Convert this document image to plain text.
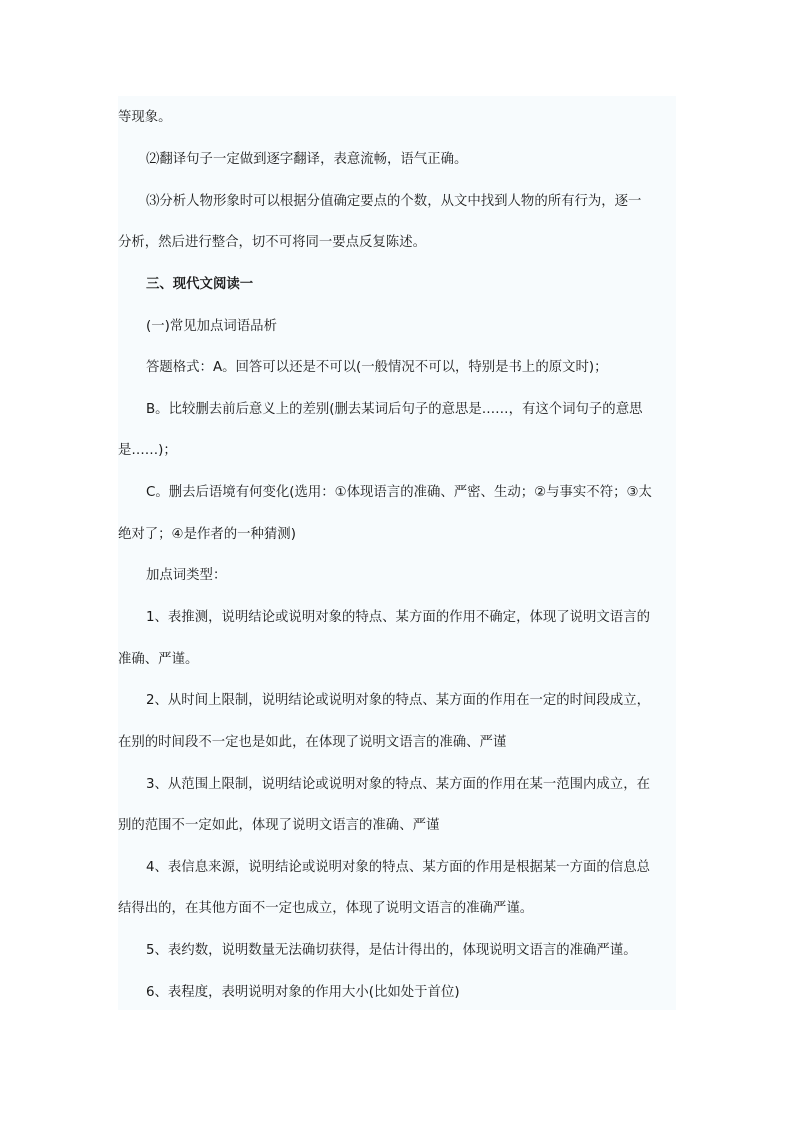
等现象。
⑵翻译句子一定做到逐字翻译，表意流畅，语气正确。
⑶分析人物形象时可以根据分值确定要点的个数，从文中找到人物的所有行为，逐一
分析，然后进行整合，切不可将同一要点反复陈述。
三、现代文阅读一
(一)常见加点词语品析
答题格式：A。回答可以还是不可以(一般情况不可以，特别是书上的原文时)；
B。比较删去前后意义上的差别(删去某词后句子的意思是……，有这个词句子的意思
是……)；
C。删去后语境有何变化(选用：①体现语言的准确、严密、生动；②与事实不符；③太
绝对了；④是作者的一种猜测)
加点词类型：
1、表推测，说明结论或说明对象的特点、某方面的作用不确定，体现了说明文语言的
准确、严谨。
2、从时间上限制，说明结论或说明对象的特点、某方面的作用在一定的时间段成立，
在别的时间段不一定也是如此，在体现了说明文语言的准确、严谨
3、从范围上限制，说明结论或说明对象的特点、某方面的作用在某一范围内成立，在
别的范围不一定如此，体现了说明文语言的准确、严谨
4、表信息来源，说明结论或说明对象的特点、某方面的作用是根据某一方面的信息总
结得出的，在其他方面不一定也成立，体现了说明文语言的准确严谨。
5、表约数，说明数量无法确切获得，是估计得出的，体现说明文语言的准确严谨。
6、表程度，表明说明对象的作用大小(比如处于首位)
